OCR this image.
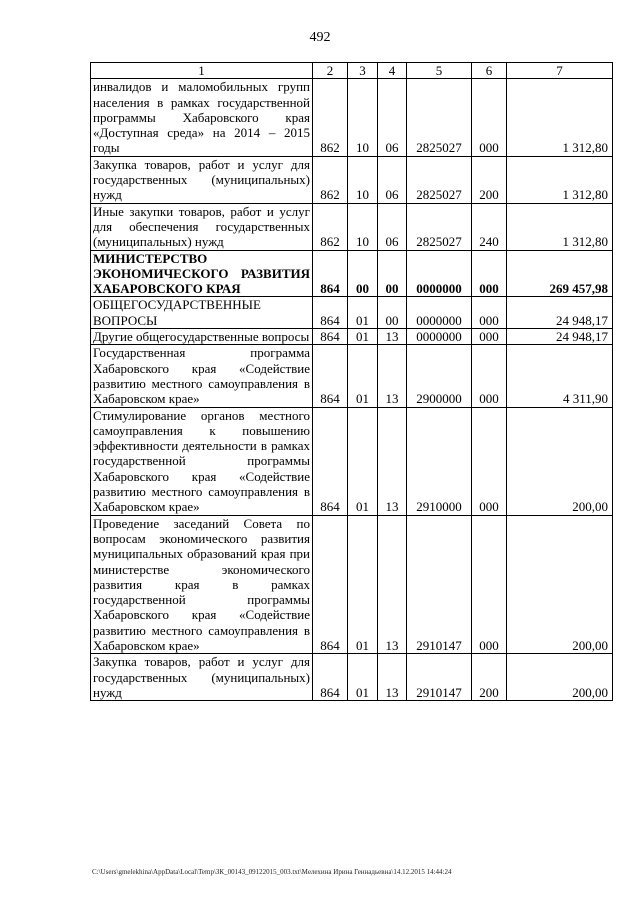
492
1	2	3	4	5	6	7
инвалидов и маломобильных групп населения в рамках государственной программы Хабаровского края «Доступная среда» на 2014 – 2015 годы	862	10	06	2825027	000	1 312,80
Закупка товаров, работ и услуг для государственных (муниципальных) нужд	862	10	06	2825027	200	1 312,80
Иные закупки товаров, работ и услуг для обеспечения государственных (муниципальных) нужд	862	10	06	2825027	240	1 312,80
МИНИСТЕРСТВО ЭКОНОМИЧЕСКОГО РАЗВИТИЯ ХАБАРОВСКОГО КРАЯ	864	00	00	0000000	000	269 457,98
ОБЩЕГОСУДАРСТВЕННЫЕ ВОПРОСЫ	864	01	00	0000000	000	24 948,17
Другие общегосударственные вопросы	864	01	13	0000000	000	24 948,17
Государственная программа Хабаровского края «Содействие развитию местного самоуправления в Хабаровском крае»	864	01	13	2900000	000	4 311,90
Стимулирование органов местного самоуправления к повышению эффективности деятельности в рамках государственной программы Хабаровского края «Содействие развитию местного самоуправления в Хабаровском крае»	864	01	13	2910000	000	200,00
Проведение заседаний Совета по вопросам экономического развития муниципальных образований края при министерстве экономического развития края в рамках государственной программы Хабаровского края «Содействие развитию местного самоуправления в Хабаровском крае»	864	01	13	2910147	000	200,00
Закупка товаров, работ и услуг для государственных (муниципальных) нужд	864	01	13	2910147	200	200,00
C:\Users\gmelekhina\AppData\Local\Temp\ЗК_00143_09122015_003.txt\Мелехина Ирина Геннадьевна\14.12.2015 14:44:24
